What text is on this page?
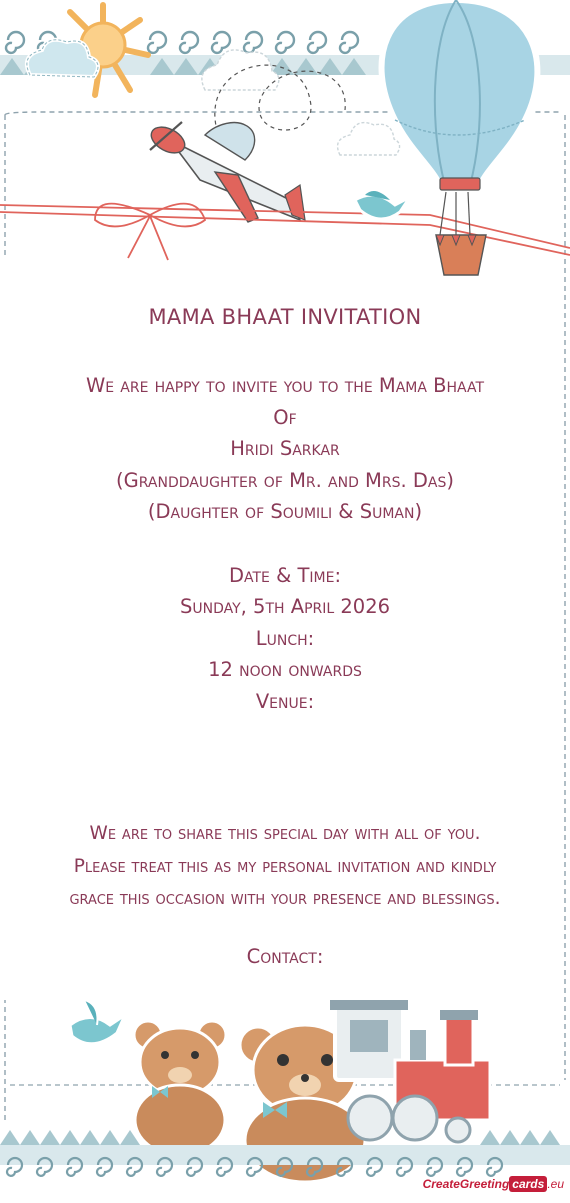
MAMA BHAAT INVITATION
We are happy to invite you to the Mama Bhaat
Of
Hridi Sarkar
(Granddaughter of Mr. and Mrs. Das)
(Daughter of Soumili & Suman)

Date & Time:
Sunday, 5th April 2026
Lunch:
12 noon onwards
Venue:
We are to share this special day with all of you.
Please treat this as my personal invitation and kindly
grace this occasion with your presence and blessings.
Contact:
CreateGreeting cards .eu
